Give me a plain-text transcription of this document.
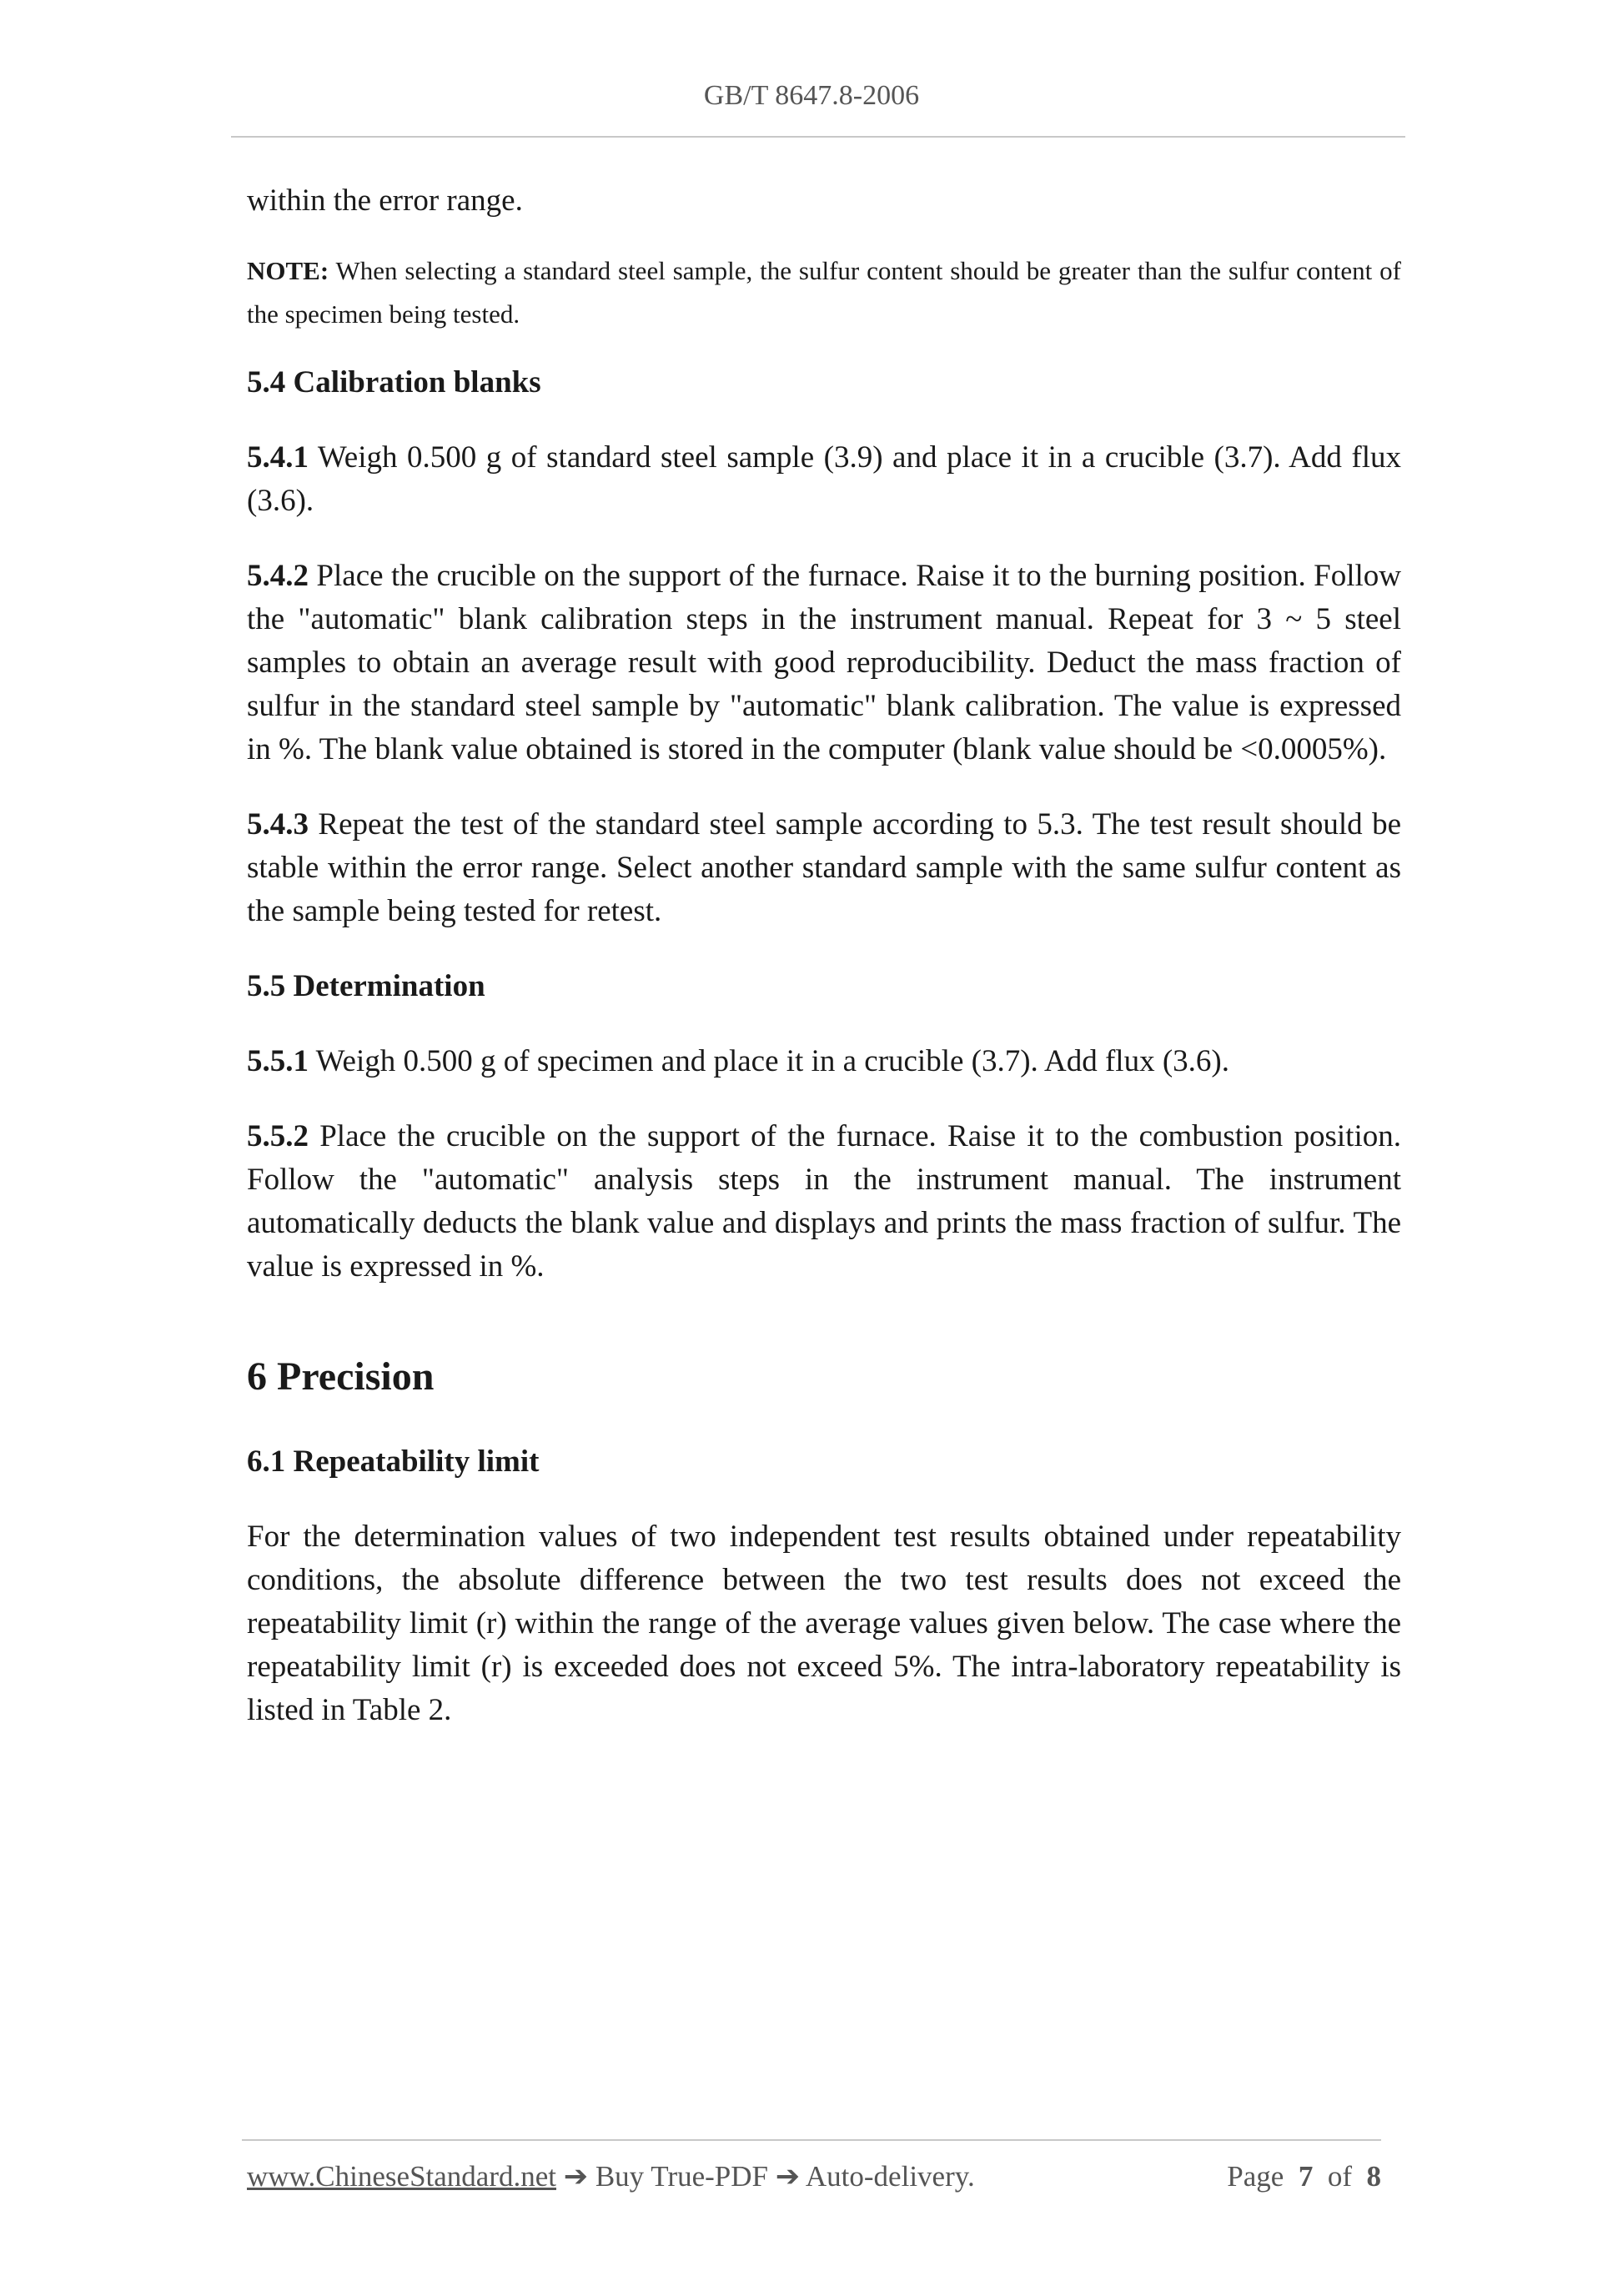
GB/T 8647.8-2006

within the error range.

NOTE: When selecting a standard steel sample, the sulfur content should be greater than the sulfur content of the specimen being tested.

5.4 Calibration blanks

5.4.1 Weigh 0.500 g of standard steel sample (3.9) and place it in a crucible (3.7). Add flux (3.6).

5.4.2 Place the crucible on the support of the furnace. Raise it to the burning position. Follow the "automatic" blank calibration steps in the instrument manual. Repeat for 3 ~ 5 steel samples to obtain an average result with good reproducibility. Deduct the mass fraction of sulfur in the standard steel sample by "automatic" blank calibration. The value is expressed in %. The blank value obtained is stored in the computer (blank value should be <0.0005%).

5.4.3 Repeat the test of the standard steel sample according to 5.3. The test result should be stable within the error range. Select another standard sample with the same sulfur content as the sample being tested for retest.

5.5 Determination

5.5.1 Weigh 0.500 g of specimen and place it in a crucible (3.7). Add flux (3.6).

5.5.2 Place the crucible on the support of the furnace. Raise it to the combustion position. Follow the "automatic" analysis steps in the instrument manual. The instrument automatically deducts the blank value and displays and prints the mass fraction of sulfur. The value is expressed in %.

6 Precision
6.1 Repeatability limit

For the determination values of two independent test results obtained under repeatability conditions, the absolute difference between the two test results does not exceed the repeatability limit (r) within the range of the average values given below. The case where the repeatability limit (r) is exceeded does not exceed 5%. The intra-laboratory repeatability is listed in Table 2.

www.ChineseStandard.net ➔ Buy True-PDF ➔ Auto-delivery.	Page 7 of 8
